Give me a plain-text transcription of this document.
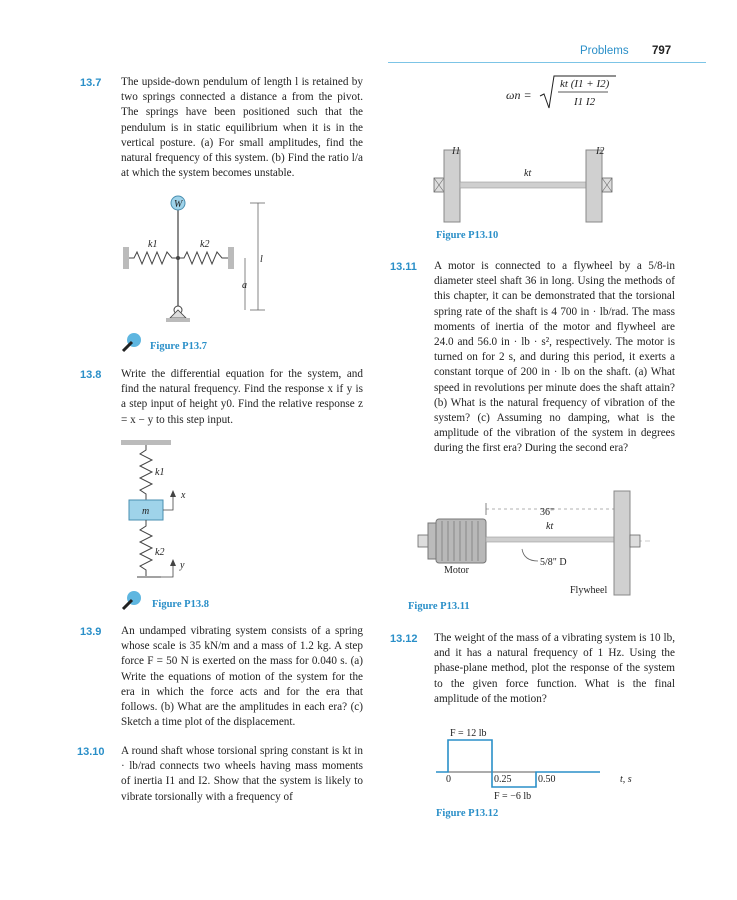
Problems 797
13.7 The upside-down pendulum of length l is retained by two springs connected a distance a from the pivot. The springs have been positioned such that the pendulum is in static equilibrium when it is in the vertical posture. (a) For small amplitudes, find the natural frequency of this system. (b) Find the ratio l/a at which the system becomes unstable.
W
k1	k2
l
a
Figure P13.7
13.8 Write the differential equation for the system, and find the natural frequency. Find the response x if y is a step input of height y0. Find the relative response z = x − y to this step input.
k1
m
x
k2
y
Figure P13.8
13.9 An undamped vibrating system consists of a spring whose scale is 35 kN/m and a mass of 1.2 kg. A step force F = 50 N is exerted on the mass for 0.040 s. (a) Write the equations of motion of the system for the era in which the force acts and for the era that follows. (b) What are the amplitudes in each era? (c) Sketch a time plot of the displacement.
13.10 A round shaft whose torsional spring constant is kt in · lb/rad connects two wheels having mass moments of inertia I1 and I2. Show that the system is likely to vibrate torsionally with a frequency of
ωn =
kt (I1 + I2)
I1 I2
I1
kt
I2
Figure P13.10
13.11 A motor is connected to a flywheel by a 5/8-in diameter steel shaft 36 in long. Using the methods of this chapter, it can be demonstrated that the torsional spring rate of the shaft is 4 700 in · lb/rad. The mass moments of inertia of the motor and flywheel are 24.0 and 56.0 in · lb · s², respectively. The motor is turned on for 2 s, and during this period, it exerts a constant torque of 200 in · lb on the shaft. (a) What speed in revolutions per minute does the shaft attain? (b) What is the natural frequency of vibration of the system? (c) Assuming no damping, what is the amplitude of the vibration of the system in degrees during the first era? During the second era?
36"
kt
5/8" D
Motor
Flywheel
Figure P13.11
13.12 The weight of the mass of a vibrating system is 10 lb, and it has a natural frequency of 1 Hz. Using the phase-plane method, plot the response of the system to the given force function. What is the final amplitude of the motion?
F = 12 lb
0	0.25	0.50
F = −6 lb
t, s
Figure P13.12
